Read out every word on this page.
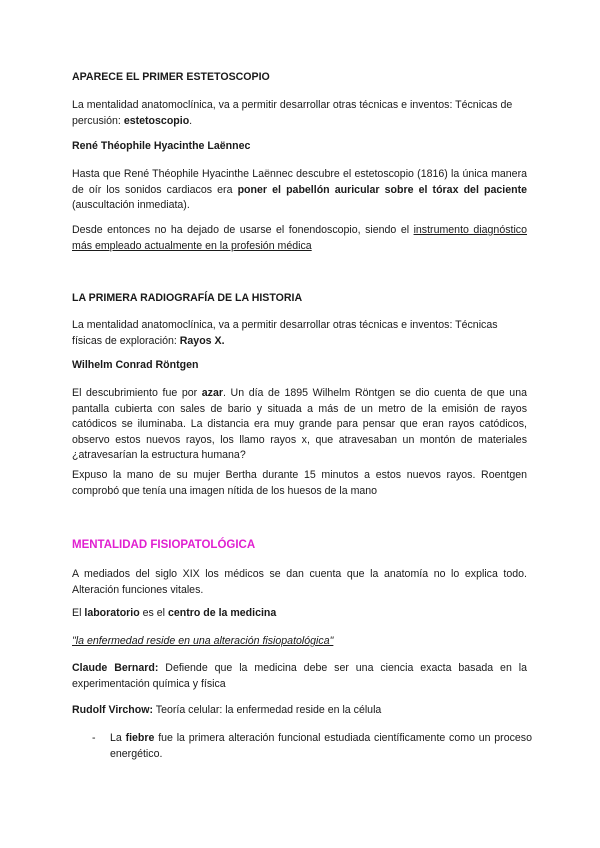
APARECE EL PRIMER ESTETOSCOPIO

La mentalidad anatomoclínica, va a permitir desarrollar otras técnicas e inventos: Técnicas de percusión: estetoscopio.

René Théophile Hyacinthe Laënnec

Hasta que René Théophile Hyacinthe Laënnec descubre el estetoscopio (1816) la única manera de oír los sonidos cardiacos era poner el pabellón auricular sobre el tórax del paciente (auscultación inmediata).

Desde entonces no ha dejado de usarse el fonendoscopio, siendo el instrumento diagnóstico más empleado actualmente en la profesión médica

LA PRIMERA RADIOGRAFÍA DE LA HISTORIA

La mentalidad anatomoclínica, va a permitir desarrollar otras técnicas e inventos: Técnicas físicas de exploración: Rayos X.

Wilhelm Conrad Röntgen

El descubrimiento fue por azar. Un día de 1895 Wilhelm Röntgen se dio cuenta de que una pantalla cubierta con sales de bario y situada a más de un metro de la emisión de rayos catódicos se iluminaba. La distancia era muy grande para pensar que eran rayos catódicos, observo estos nuevos rayos, los llamo rayos x, que atravesaban un montón de materiales ¿atravesarían la estructura humana?

Expuso la mano de su mujer Bertha durante 15 minutos a estos nuevos rayos. Roentgen comprobó que tenía una imagen nítida de los huesos de la mano

MENTALIDAD FISIOPATOLÓGICA

A mediados del siglo XIX los médicos se dan cuenta que la anatomía no lo explica todo. Alteración funciones vitales.

El laboratorio es el centro de la medicina

"la enfermedad reside en una alteración fisiopatológica"

Claude Bernard: Defiende que la medicina debe ser una ciencia exacta basada en la experimentación química y física

Rudolf Virchow: Teoría celular: la enfermedad reside en la célula

- La fiebre fue la primera alteración funcional estudiada científicamente como un proceso energético.
